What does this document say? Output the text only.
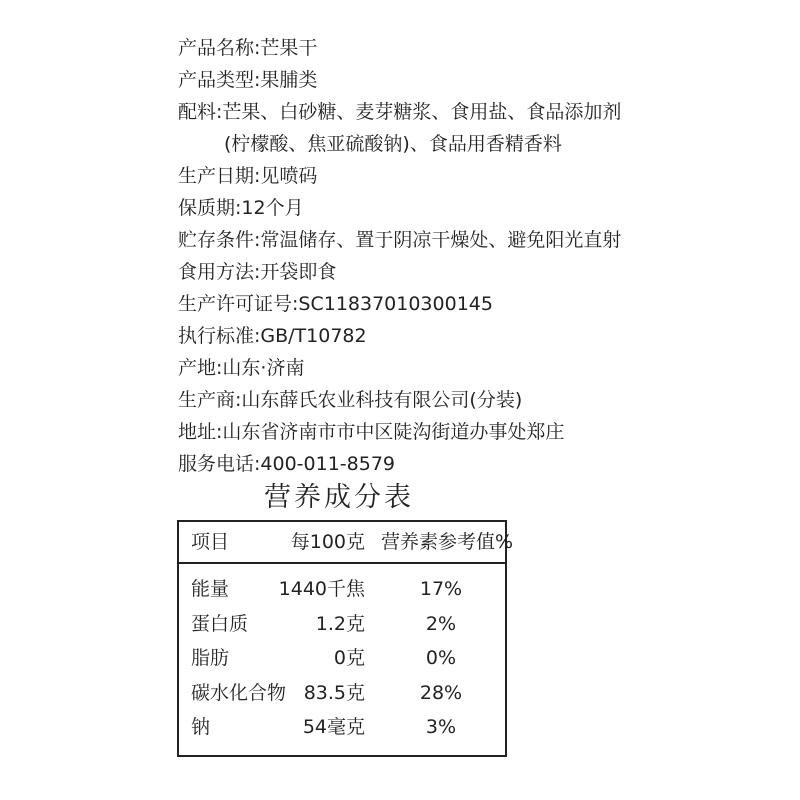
产品名称:芒果干
产品类型:果脯类
配料:芒果、白砂糖、麦芽糖浆、食用盐、食品添加剂
(柠檬酸、焦亚硫酸钠)、食品用香精香料
生产日期:见喷码
保质期:12个月
贮存条件:常温储存、置于阴凉干燥处、避免阳光直射
食用方法:开袋即食
生产许可证号:SC11837010300145
执行标准:GB/T10782
产地:山东·济南
生产商:山东薛氏农业科技有限公司(分装)
地址:山东省济南市市中区陡沟街道办事处郑庄
服务电话:400-011-8579
营养成分表
项目	每100克 营养素参考值%
能量	1440千焦	17%
蛋白质	1.2克	2%
脂肪	0克	0%
碳水化合物 83.5克	28%
钠	54毫克	3%
